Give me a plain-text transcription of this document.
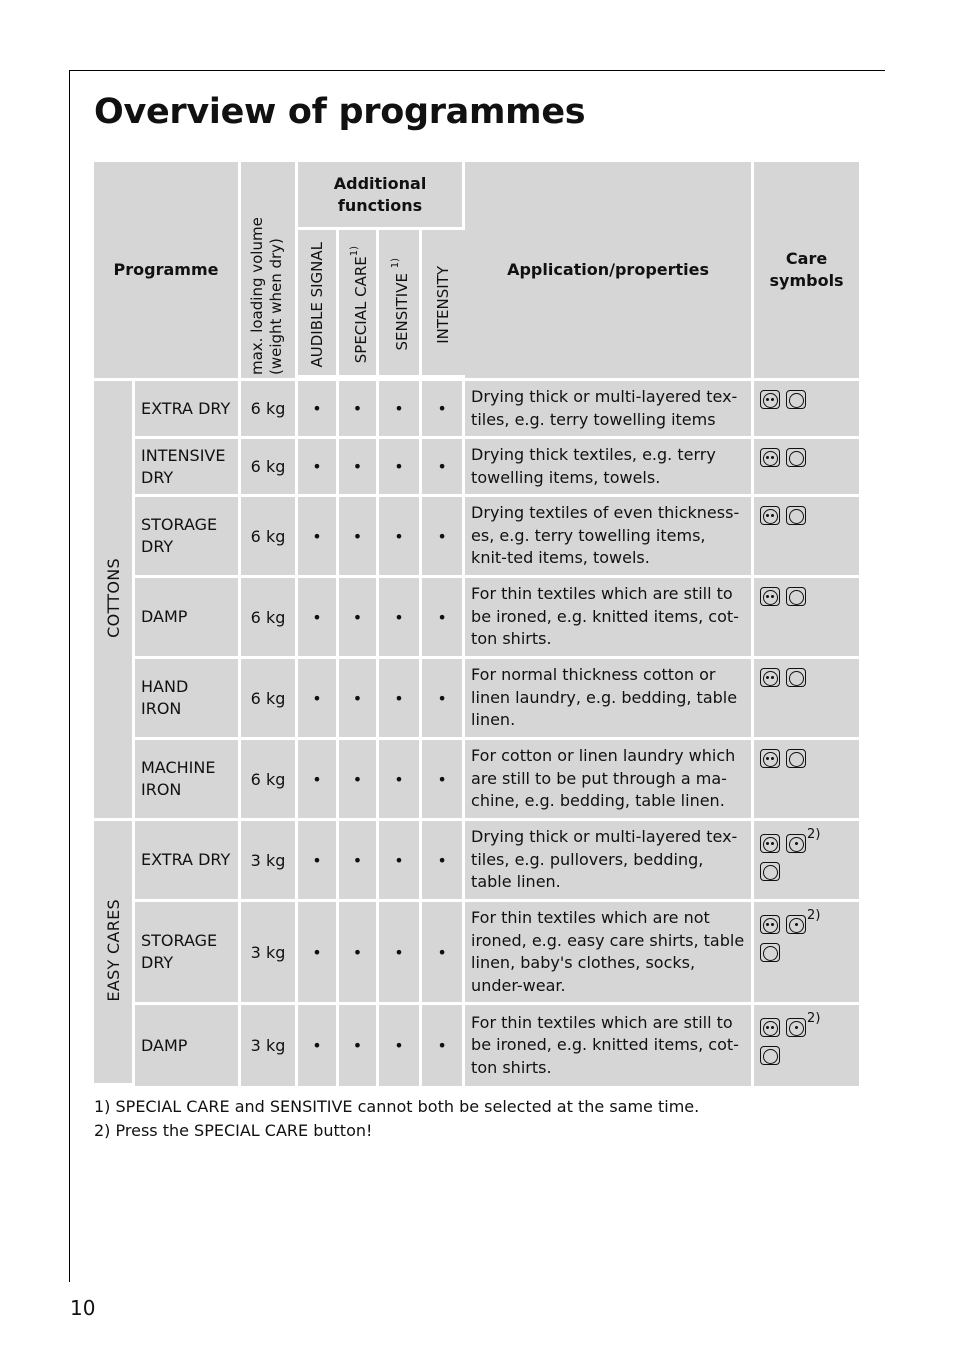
Overview of programmes
Programme		max. loading volume (weight when dry)	Additional functions				Application/properties	Care symbols

			AUDIBLE SIGNAL	SPECIAL CARE$^{1)}$	SENSITIVE $^{1)}$	INTENSITY		

COTTONS	EXTRA DRY	6 kg	•	•	•	•	Drying thick or multi-layered tex-tiles, e.g. terry towelling items	
	INTENSIVE DRY	6 kg	•	•	•	•	Drying thick textiles, e.g. terry towelling items, towels.	
	STORAGE DRY	6 kg	•	•	•	•	Drying textiles of even thickness-es, e.g. terry towelling items, knit-ted items, towels.	
	DAMP	6 kg	•	•	•	•	For thin textiles which are still to be ironed, e.g. knitted items, cot-ton shirts.	
	HAND IRON	6 kg	•	•	•	•	For normal thickness cotton or linen laundry, e.g. bedding, table linen.	
	MACHINE IRON	6 kg	•	•	•	•	For cotton or linen laundry which are still to be put through a ma-chine, e.g. bedding, table linen.	
EASY CARES	EXTRA DRY	3 kg	•	•	•	•	Drying thick or multi-layered tex-tiles, e.g. pullovers, bedding, table linen.	$^{2)}$

	STORAGE DRY	3 kg	•	•	•	•	For thin textiles which are not ironed, e.g. easy care shirts, table linen, baby's clothes, socks, under-wear.	$^{2)}$

	DAMP	3 kg	•	•	•	•	For thin textiles which are still to be ironed, e.g. knitted items, cot-ton shirts.	$^{2)}$

1) SPECIAL CARE and SENSITIVE cannot both be selected at the same time.
2) Press the SPECIAL CARE button!
10
